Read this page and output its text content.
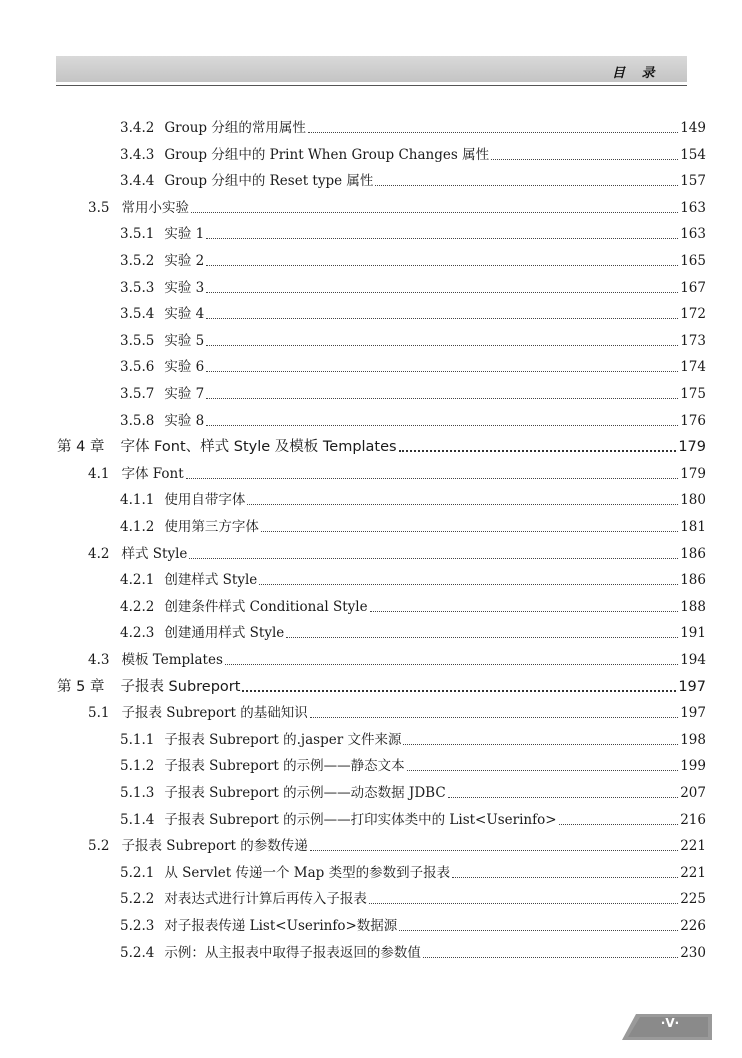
目 录
3.4.2 Group 分组的常用属性	149
3.4.3 Group 分组中的 Print When Group Changes 属性	154
3.4.4 Group 分组中的 Reset type 属性	157
3.5 常用小实验	163
3.5.1 实验 1	163
3.5.2 实验 2	165
3.5.3 实验 3	167
3.5.4 实验 4	172
3.5.5 实验 5	173
3.5.6 实验 6	174
3.5.7 实验 7	175
3.5.8 实验 8	176
第 4 章 字体 Font、样式 Style 及模板 Templates	179
4.1 字体 Font	179
4.1.1 使用自带字体	180
4.1.2 使用第三方字体	181
4.2 样式 Style	186
4.2.1 创建样式 Style	186
4.2.2 创建条件样式 Conditional Style	188
4.2.3 创建通用样式 Style	191
4.3 模板 Templates	194
第 5 章 子报表 Subreport	197
5.1 子报表 Subreport 的基础知识	197
5.1.1 子报表 Subreport 的.jasper 文件来源	198
5.1.2 子报表 Subreport 的示例——静态文本	199
5.1.3 子报表 Subreport 的示例——动态数据 JDBC	207
5.1.4 子报表 Subreport 的示例——打印实体类中的 List<Userinfo>	216
5.2 子报表 Subreport 的参数传递	221
5.2.1 从 Servlet 传递一个 Map 类型的参数到子报表	221
5.2.2 对表达式进行计算后再传入子报表	225
5.2.3 对子报表传递 List<Userinfo>数据源	226
5.2.4 示例：从主报表中取得子报表返回的参数值	230
·V·
